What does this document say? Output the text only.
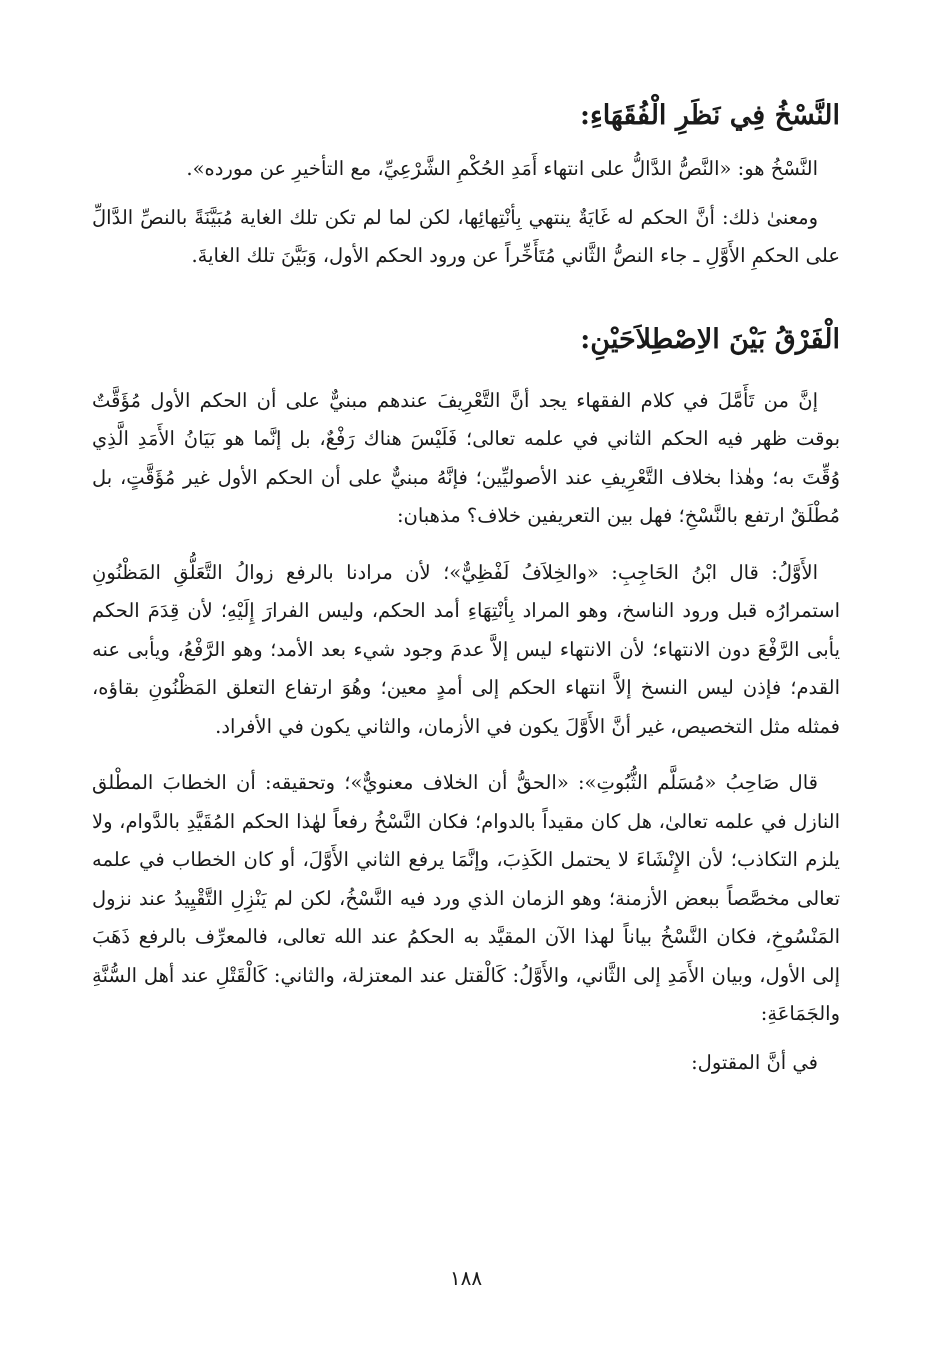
النَّسْخُ فِي نَظَرِ الْفُقَهَاءِ:

النَّسْخُ هو: «النَّصُّ الدَّالُّ على انتهاء أَمَدِ الحُكْمِ الشَّرْعِيِّ، مع التأخيرِ عن مورده».

ومعنىٰ ذلك: أنَّ الحكم له غَايَةٌ ينتهي بِأنْتِهائِها، لكن لما لم تكن تلك الغاية مُبَيَّنَةً بالنصِّ الدَّالِّ على الحكمِ الأَوَّلِ ـ جاء النصُّ الثَّاني مُتَأَخِّراً عن ورود الحكم الأول، وَبَيَّنَ تلك الغايةَ.

الْفَرْقُ بَيْنَ الاِصْطِلاَحَيْنِ:

إنَّ من تَأَمَّلَ في كلام الفقهاء يجد أنَّ التَّعْرِيفَ عندهم مبنيٌّ على أن الحكم الأول مُؤَقَّتٌ بوقت ظهر فيه الحكم الثاني في علمه تعالى؛ فَلَيْسَ هناك رَفْعٌ، بل إنَّما هو بَيَانُ الأَمَدِ الَّذِي وُقِّتَ به؛ وهٰذا بخلاف التَّعْرِيفِ عند الأصوليِّين؛ فإنَّهُ مبنيٌّ على أن الحكم الأول غير مُؤَقَّتٍ، بل مُطْلَقٌ ارتفع بالنَّسْخِ؛ فهل بين التعريفين خلاف؟ مذهبان:

الأَوَّلُ: قال ابْنُ الحَاجِبِ: «والخِلاَفُ لَفْظِيٌّ»؛ لأن مرادنا بالرفع زوالُ التَّعَلُّقِ المَظْنُونِ استمرارُه قبل ورود الناسخ، وهو المراد بِأنْتِهَاءِ أمد الحكم، وليس الفرارَ إِلَيْهِ؛ لأن قِدَمَ الحكم يأبى الرَّفْعَ دون الانتهاء؛ لأن الانتهاء ليس إلاَّ عدمَ وجود شيء بعد الأمد؛ وهو الرَّفْعُ، ويأبى عنه القدم؛ فإذن ليس النسخ إلاَّ انتهاء الحكم إلى أمدٍ معين؛ وهُوَ ارتفاع التعلق المَظْنُونِ بقاؤه، فمثله مثل التخصيص، غير أنَّ الأَوَّلَ يكون في الأزمان، والثاني يكون في الأفراد.

قال صَاحِبُ «مُسَلَّم الثُّبُوتِ»: «الحقُّ أن الخلاف معنويٌّ»؛ وتحقيقه: أن الخطابَ المطْلق النازل في علمه تعالىٰ، هل كان مقيداً بالدوام؛ فكان النَّسْخُ رفعاً لهٰذا الحكم المُقَيَّدِ بالدَّوام، ولا يلزم التكاذب؛ لأن الإِنْشَاءَ لا يحتمل الكَذِبَ، وإنَّمَا يرفع الثاني الأَوَّلَ، أو كان الخطاب في علمه تعالى مخصَّصاً ببعض الأزمنة؛ وهو الزمان الذي ورد فيه النَّسْخُ، لكن لم يَنْزِلِ التَّقْيِيدُ عند نزول المَنْسُوخِ، فكان النَّسْخُ بياناً لهذا الآن المقيَّد به الحكمُ عند الله تعالى، فالمعرِّف بالرفع ذَهَبَ إلى الأول، وبيان الأَمَدِ إلى الثَّاني، والأَوَّلُ: كَالْقتل عند المعتزلة، والثاني: كَالْقَتْلِ عند أهل السُّنَّةِ والجَمَاعَةِ:

في أنَّ المقتول:

١٨٨
